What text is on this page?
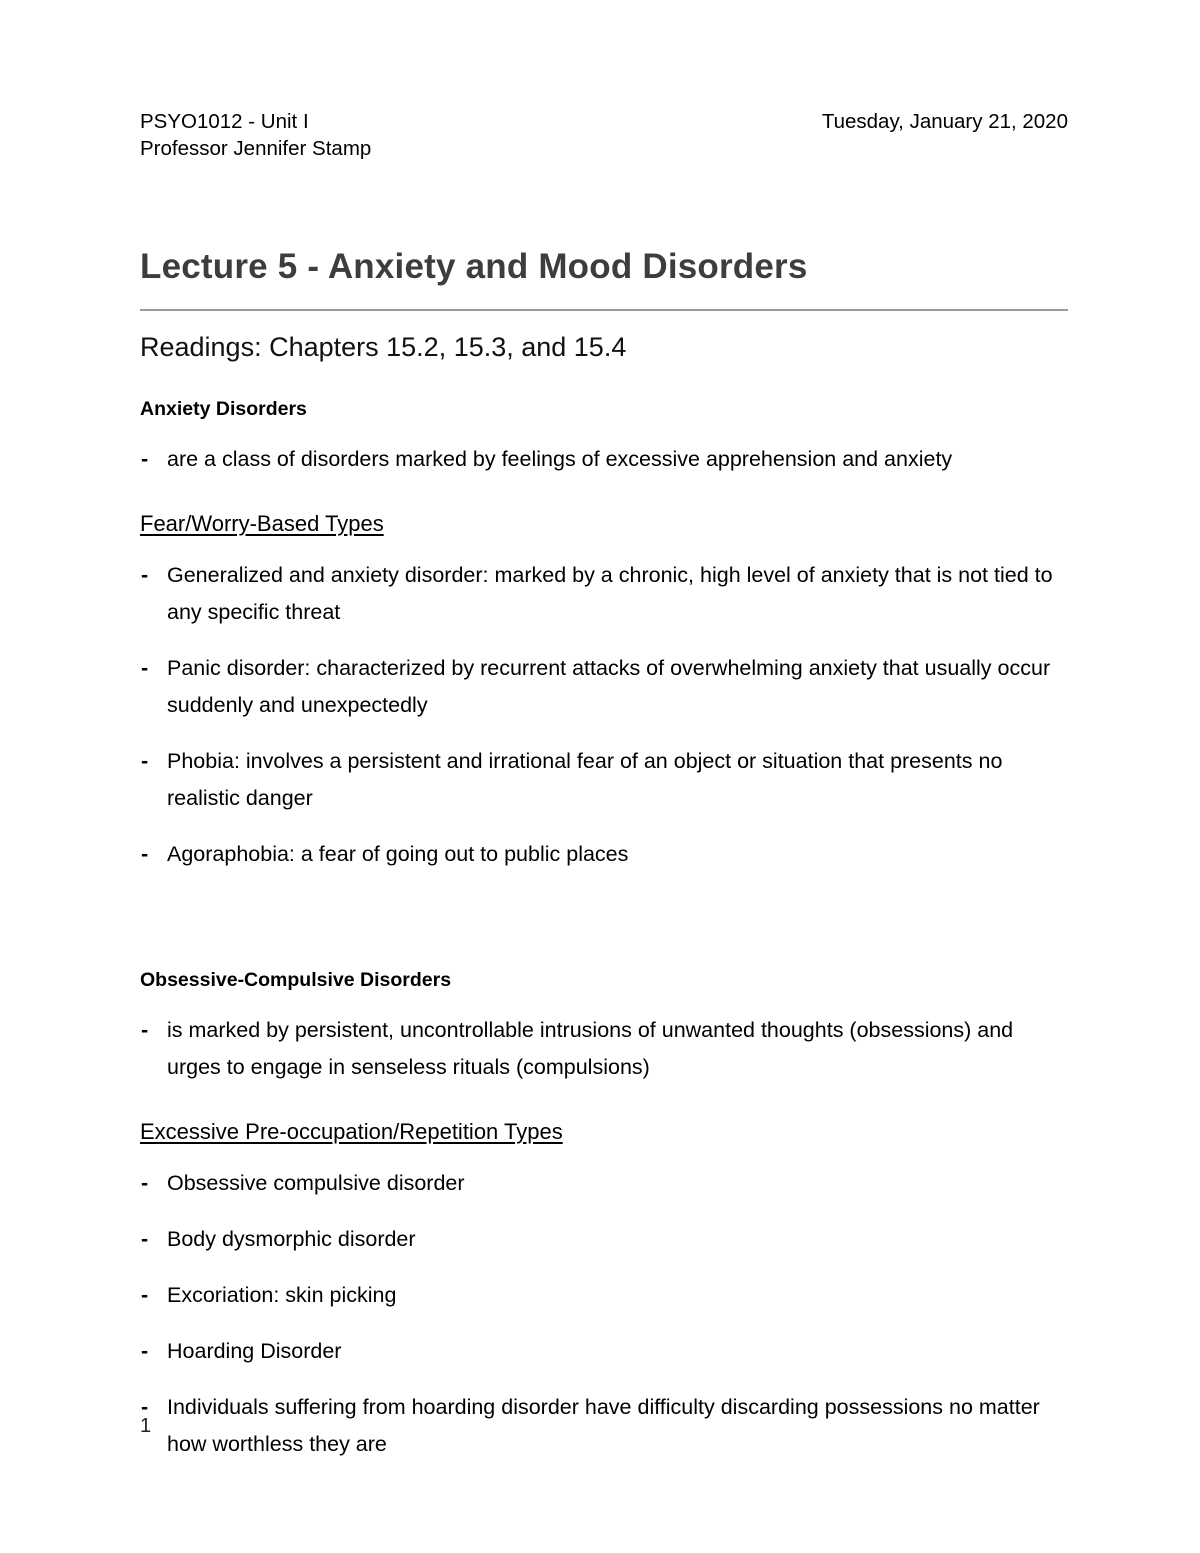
PSYO1012 - Unit I
Professor Jennifer Stamp
Tuesday, January 21, 2020
Lecture 5 - Anxiety and Mood Disorders
Readings: Chapters 15.2, 15.3, and 15.4
Anxiety Disorders
- are a class of disorders marked by feelings of excessive apprehension and anxiety
Fear/Worry-Based Types
- Generalized and anxiety disorder: marked by a chronic, high level of anxiety that is not tied to any specific threat
- Panic disorder: characterized by recurrent attacks of overwhelming anxiety that usually occur suddenly and unexpectedly
- Phobia: involves a persistent and irrational fear of an object or situation that presents no realistic danger
- Agoraphobia: a fear of going out to public places
Obsessive-Compulsive Disorders
- is marked by persistent, uncontrollable intrusions of unwanted thoughts (obsessions) and urges to engage in senseless rituals (compulsions)
Excessive Pre-occupation/Repetition Types
- Obsessive compulsive disorder
- Body dysmorphic disorder
- Excoriation: skin picking
- Hoarding Disorder
- Individuals suffering from hoarding disorder have difficulty discarding possessions no matter how worthless they are
1
